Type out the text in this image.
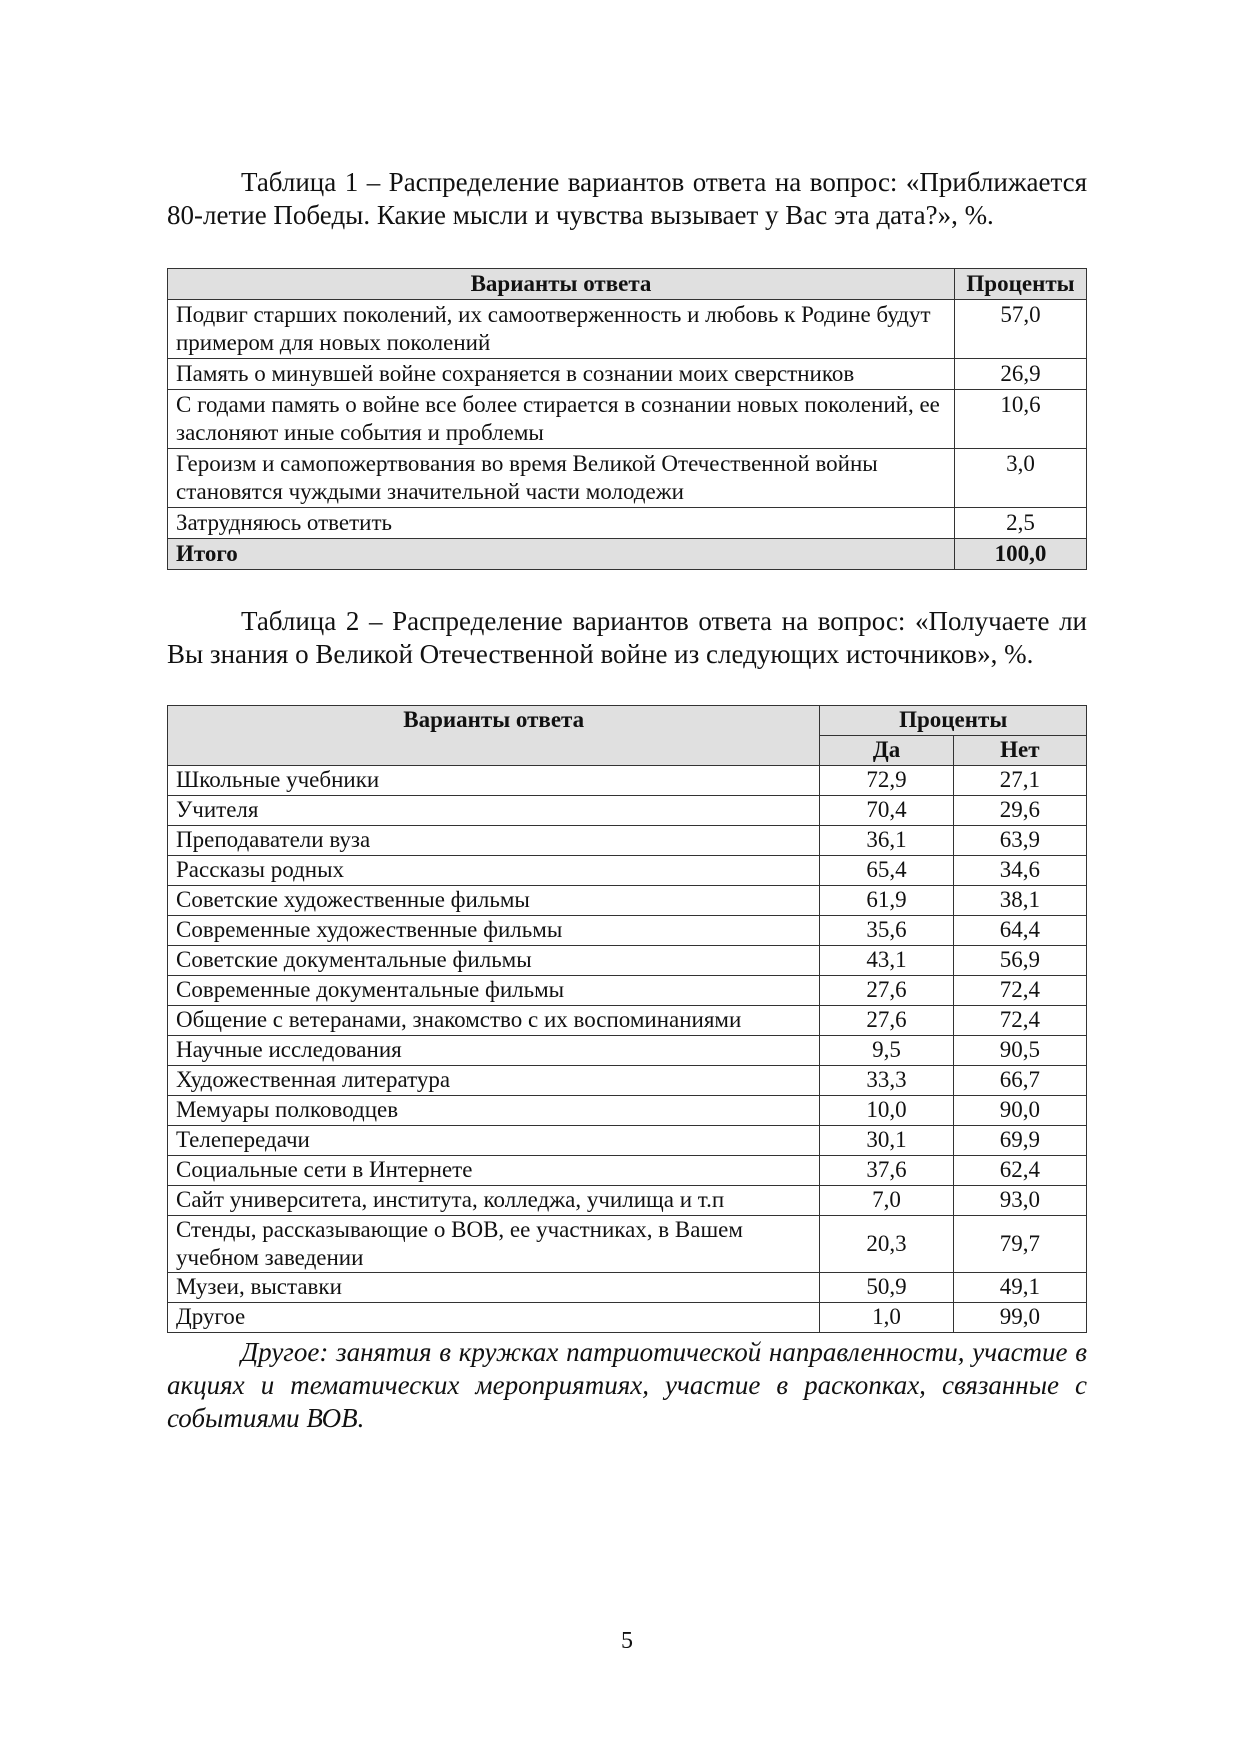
Таблица 1 – Распределение вариантов ответа на вопрос: «Приближается 80-летие Победы. Какие мысли и чувства вызывает у Вас эта дата?», %.

Варианты ответа	Проценты
Подвиг старших поколений, их самоотверженность и любовь к Родине будут примером для новых поколений	57,0
Память о минувшей войне сохраняется в сознании моих сверстников	26,9
С годами память о войне все более стирается в сознании новых поколений, ее заслоняют иные события и проблемы	10,6
Героизм и самопожертвования во время Великой Отечественной войны становятся чуждыми значительной части молодежи	3,0
Затрудняюсь ответить	2,5
Итого	100,0

Таблица 2 – Распределение вариантов ответа на вопрос: «Получаете ли Вы знания о Великой Отечественной войне из следующих источников», %.

Варианты ответа	Проценты	
	Да	Нет
Школьные учебники	72,9	27,1
Учителя	70,4	29,6
Преподаватели вуза	36,1	63,9
Рассказы родных	65,4	34,6
Советские художественные фильмы	61,9	38,1
Современные художественные фильмы	35,6	64,4
Советские документальные фильмы	43,1	56,9
Современные документальные фильмы	27,6	72,4
Общение с ветеранами, знакомство с их воспоминаниями	27,6	72,4
Научные исследования	9,5	90,5
Художественная литература	33,3	66,7
Мемуары полководцев	10,0	90,0
Телепередачи	30,1	69,9
Социальные сети в Интернете	37,6	62,4
Сайт университета, института, колледжа, училища и т.п	7,0	93,0
Стенды, рассказывающие о ВОВ, ее участниках, в Вашем учебном заведении	20,3	79,7
Музеи, выставки	50,9	49,1
Другое	1,0	99,0

Другое: занятия в кружках патриотической направленности, участие в акциях и тематических мероприятиях, участие в раскопках, связанные с событиями ВОВ.

5
